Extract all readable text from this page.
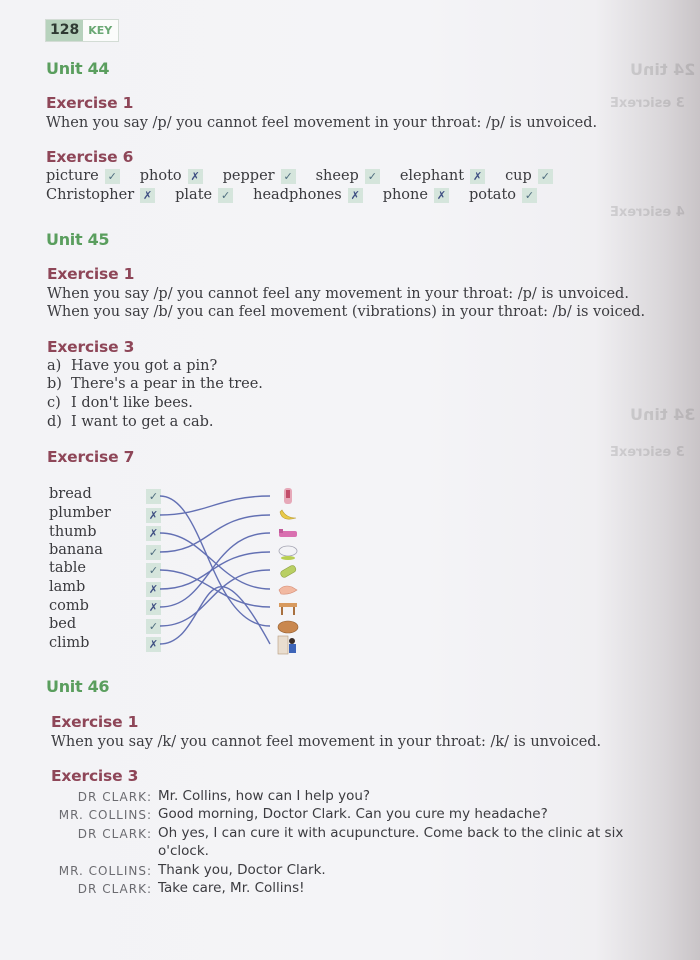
24 tinU
3 esicrexE
4 esicrexE
34 tinU
3 esicrexE
128 KEY
Unit 44
Exercise 1
When you say /p/ you cannot feel movement in your throat: /p/ is unvoiced.
Exercise 6
picture ✓ photo ✗ pepper ✓ sheep ✓ elephant ✗ cup ✓
Christopher ✗ plate ✓ headphones ✗ phone ✗ potato ✓
Unit 45
Exercise 1
When you say /p/ you cannot feel any movement in your throat: /p/ is unvoiced.
When you say /b/ you can feel movement (vibrations) in your throat: /b/ is voiced.
Exercise 3
a) Have you got a pin?
b) There's a pear in the tree.
c) I don't like bees.
d) I want to get a cab.
Exercise 7
bread
plumber
thumb
banana
table
lamb
comb
bed
climb
✓
✗
✗
✓
✓
✗
✗
✓
✗
Unit 46
Exercise 1
When you say /k/ you cannot feel movement in your throat: /k/ is unvoiced.
Exercise 3
DR CLARK: Mr. Collins, how can I help you?
MR. COLLINS: Good morning, Doctor Clark. Can you cure my headache?
DR CLARK: Oh yes, I can cure it with acupuncture. Come back to the clinic at six
o'clock.
MR. COLLINS: Thank you, Doctor Clark.
DR CLARK: Take care, Mr. Collins!
